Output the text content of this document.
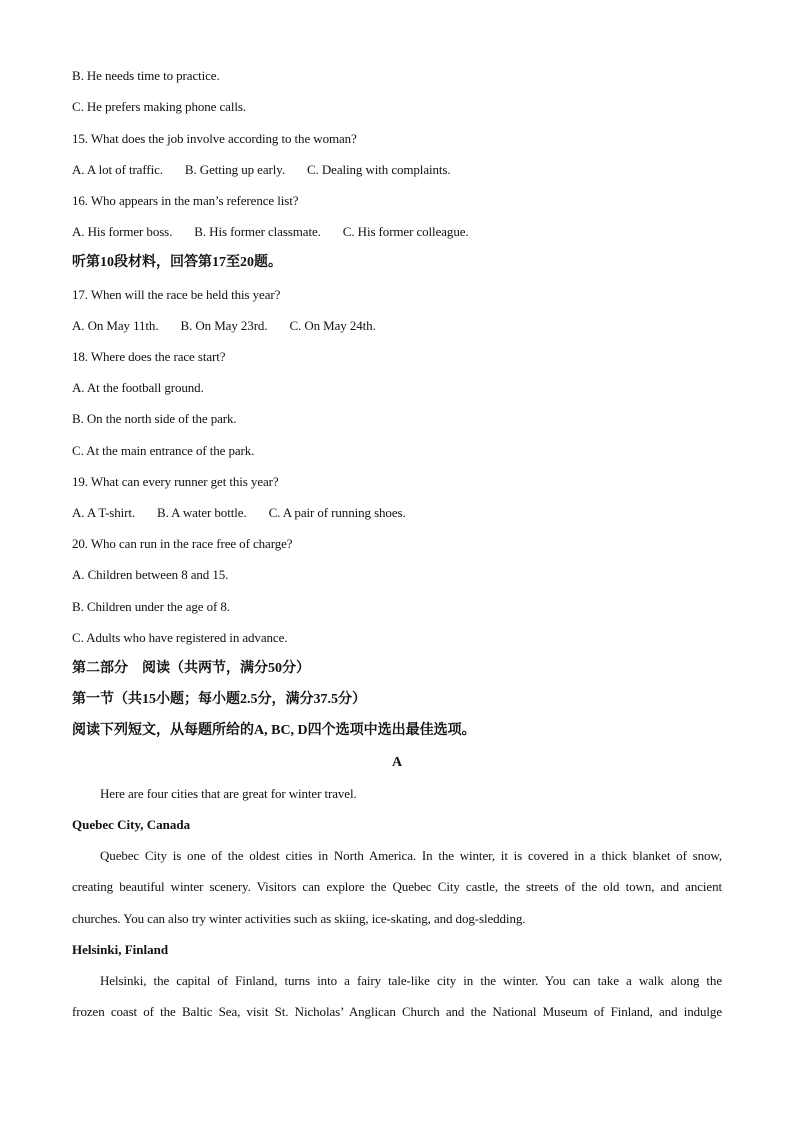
B. He needs time to practice.
C. He prefers making phone calls.
15. What does the job involve according to the woman?
A. A lot of traffic. B. Getting up early. C. Dealing with complaints.
16. Who appears in the man’s reference list?
A. His former boss. B. His former classmate. C. His former colleague.
听第10段材料，回答第17至20题。
17. When will the race be held this year?
A. On May 11th. B. On May 23rd. C. On May 24th.
18. Where does the race start?
A. At the football ground.
B. On the north side of the park.
C. At the main entrance of the park.
19. What can every runner get this year?
A. A T-shirt. B. A water bottle. C. A pair of running shoes.
20. Who can run in the race free of charge?
A. Children between 8 and 15.
B. Children under the age of 8.
C. Adults who have registered in advance.
第二部分　阅读（共两节，满分50分）
第一节（共15小题；每小题2.5分，满分37.5分）
阅读下列短文，从每题所给的A, BC, D四个选项中选出最佳选项。
A
Here are four cities that are great for winter travel.
Quebec City, Canada
Quebec City is one of the oldest cities in North America. In the winter, it is covered in a thick blanket of snow,
creating beautiful winter scenery. Visitors can explore the Quebec City castle, the streets of the old town, and ancient
churches. You can also try winter activities such as skiing, ice-skating, and dog-sledding.
Helsinki, Finland
Helsinki, the capital of Finland, turns into a fairy tale-like city in the winter. You can take a walk along the
frozen coast of the Baltic Sea, visit St. Nicholas’ Anglican Church and the National Museum of Finland, and indulge
